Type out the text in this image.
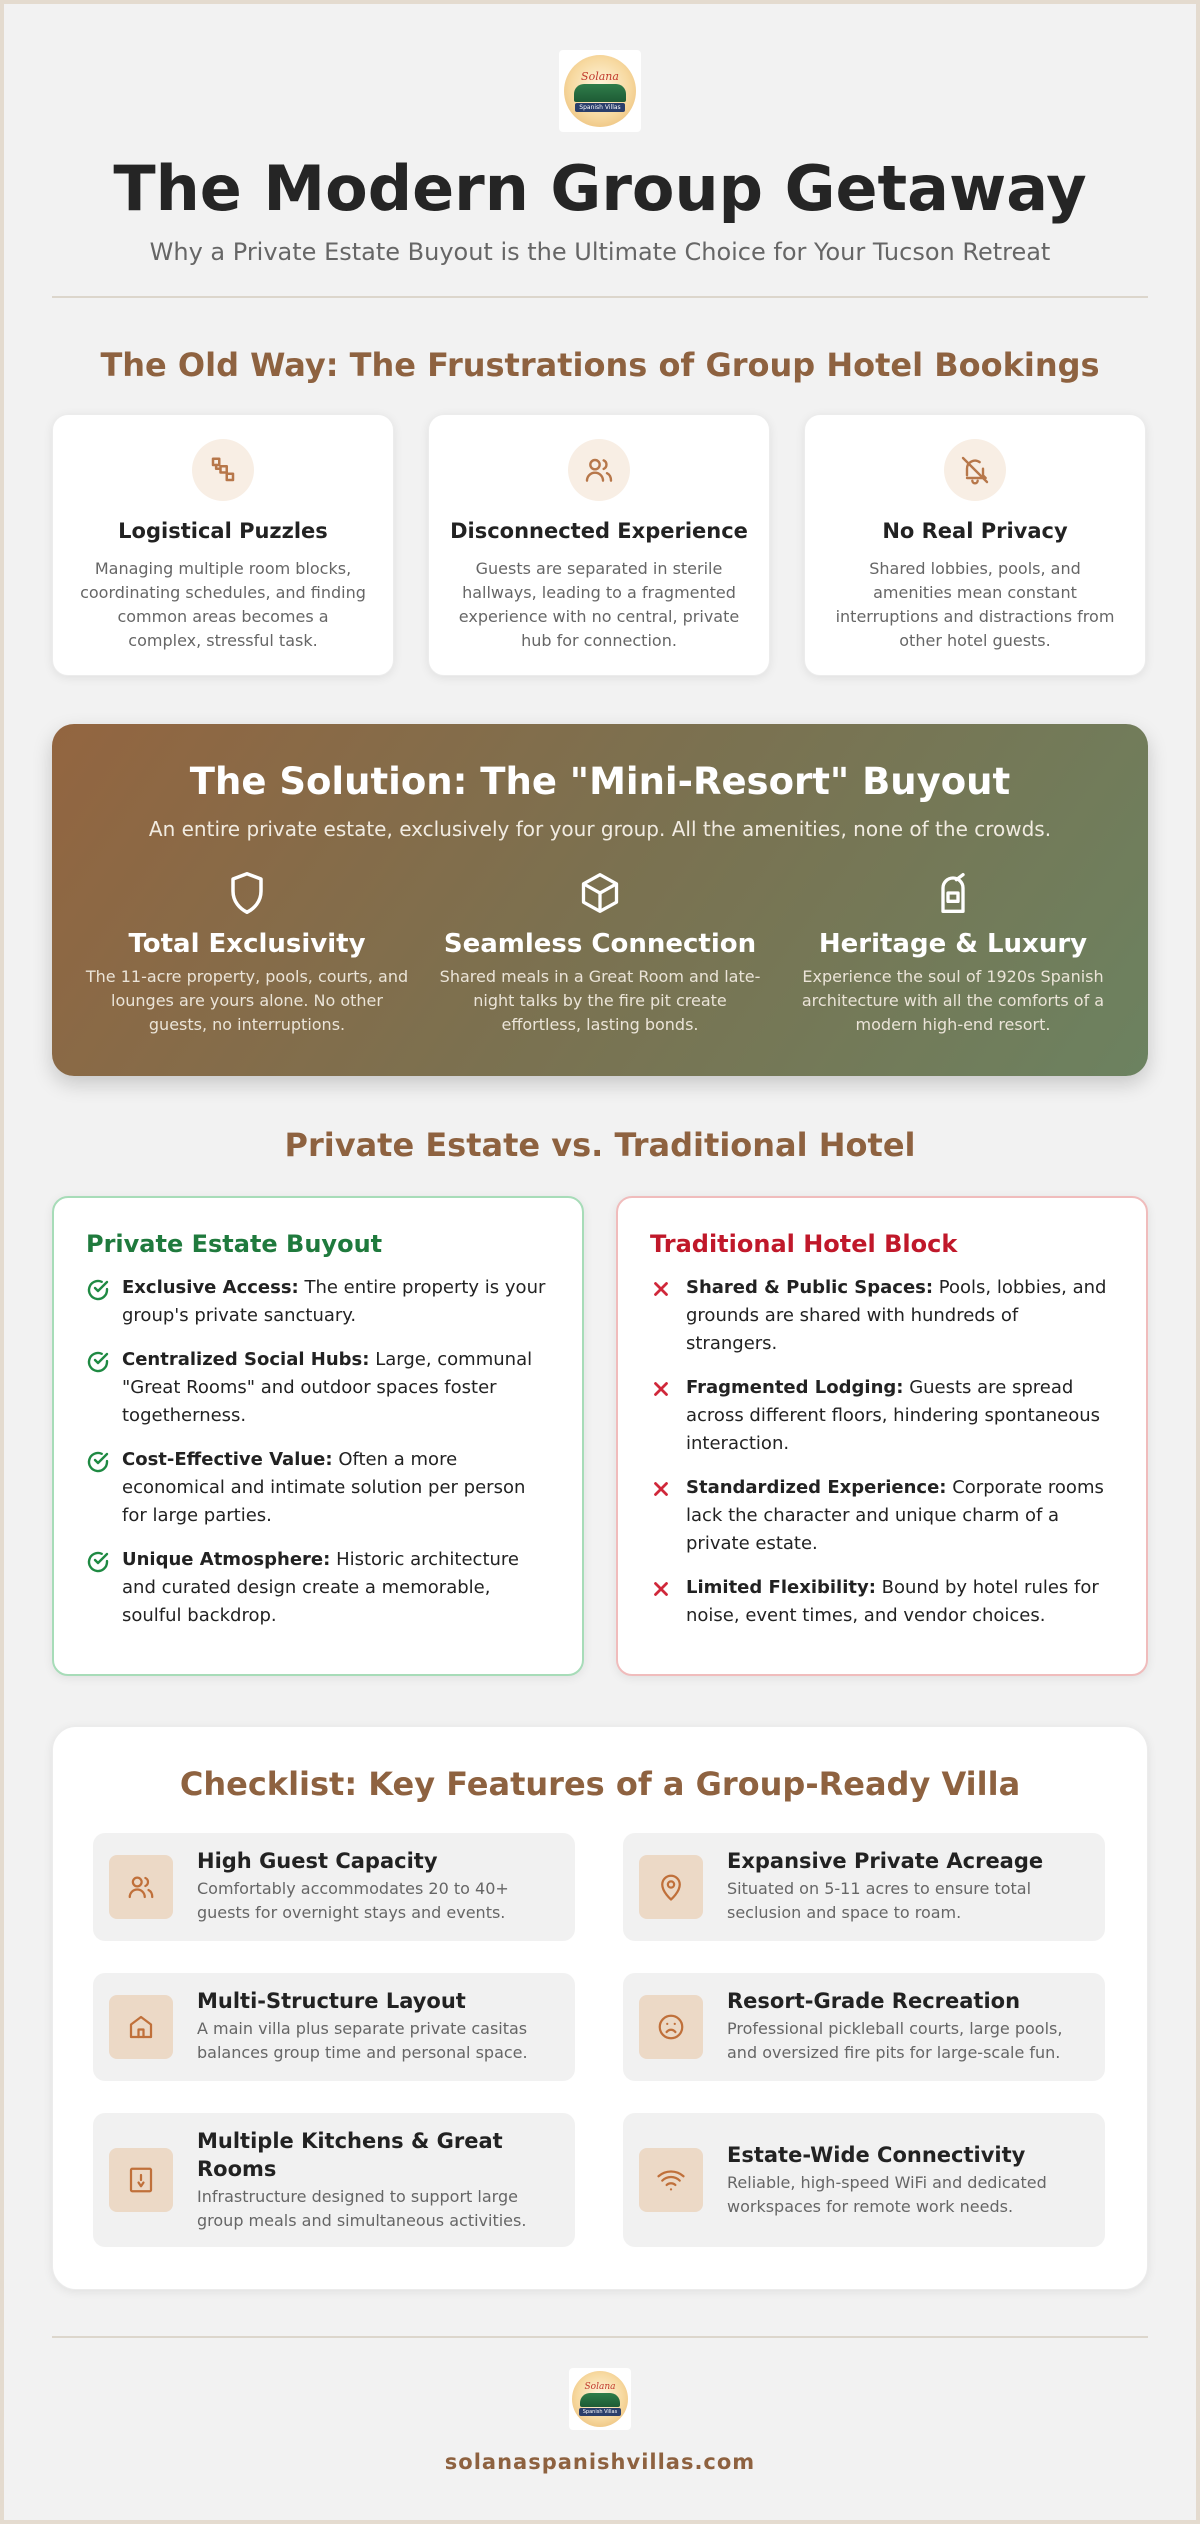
Solana
Spanish Villas
The Modern Group Getaway
Why a Private Estate Buyout is the Ultimate Choice for Your Tucson Retreat
The Old Way: The Frustrations of Group Hotel Bookings
Logistical Puzzles
Managing multiple room blocks, coordinating schedules, and finding common areas becomes a complex, stressful task.
Disconnected Experience
Guests are separated in sterile hallways, leading to a fragmented experience with no central, private hub for connection.
No Real Privacy
Shared lobbies, pools, and amenities mean constant interruptions and distractions from other hotel guests.
The Solution: The "Mini-Resort" Buyout
An entire private estate, exclusively for your group. All the amenities, none of the crowds.
Total Exclusivity
The 11-acre property, pools, courts, and lounges are yours alone. No other guests, no interruptions.
Seamless Connection
Shared meals in a Great Room and late-night talks by the fire pit create effortless, lasting bonds.
Heritage & Luxury
Experience the soul of 1920s Spanish architecture with all the comforts of a modern high-end resort.
Private Estate vs. Traditional Hotel
Private Estate Buyout
Exclusive Access: The entire property is your group's private sanctuary.
Centralized Social Hubs: Large, communal "Great Rooms" and outdoor spaces foster togetherness.
Cost-Effective Value: Often a more economical and intimate solution per person for large parties.
Unique Atmosphere: Historic architecture and curated design create a memorable, soulful backdrop.
Traditional Hotel Block
Shared & Public Spaces: Pools, lobbies, and grounds are shared with hundreds of strangers.
Fragmented Lodging: Guests are spread across different floors, hindering spontaneous interaction.
Standardized Experience: Corporate rooms lack the character and unique charm of a private estate.
Limited Flexibility: Bound by hotel rules for noise, event times, and vendor choices.
Checklist: Key Features of a Group-Ready Villa
High Guest Capacity
Comfortably accommodates 20 to 40+ guests for overnight stays and events.
Expansive Private Acreage
Situated on 5-11 acres to ensure total seclusion and space to roam.
Multi-Structure Layout
A main villa plus separate private casitas balances group time and personal space.
Resort-Grade Recreation
Professional pickleball courts, large pools, and oversized fire pits for large-scale fun.
Multiple Kitchens & Great Rooms
Infrastructure designed to support large group meals and simultaneous activities.
Estate-Wide Connectivity
Reliable, high-speed WiFi and dedicated workspaces for remote work needs.
Solana
Spanish Villas
solanaspanishvillas.com
